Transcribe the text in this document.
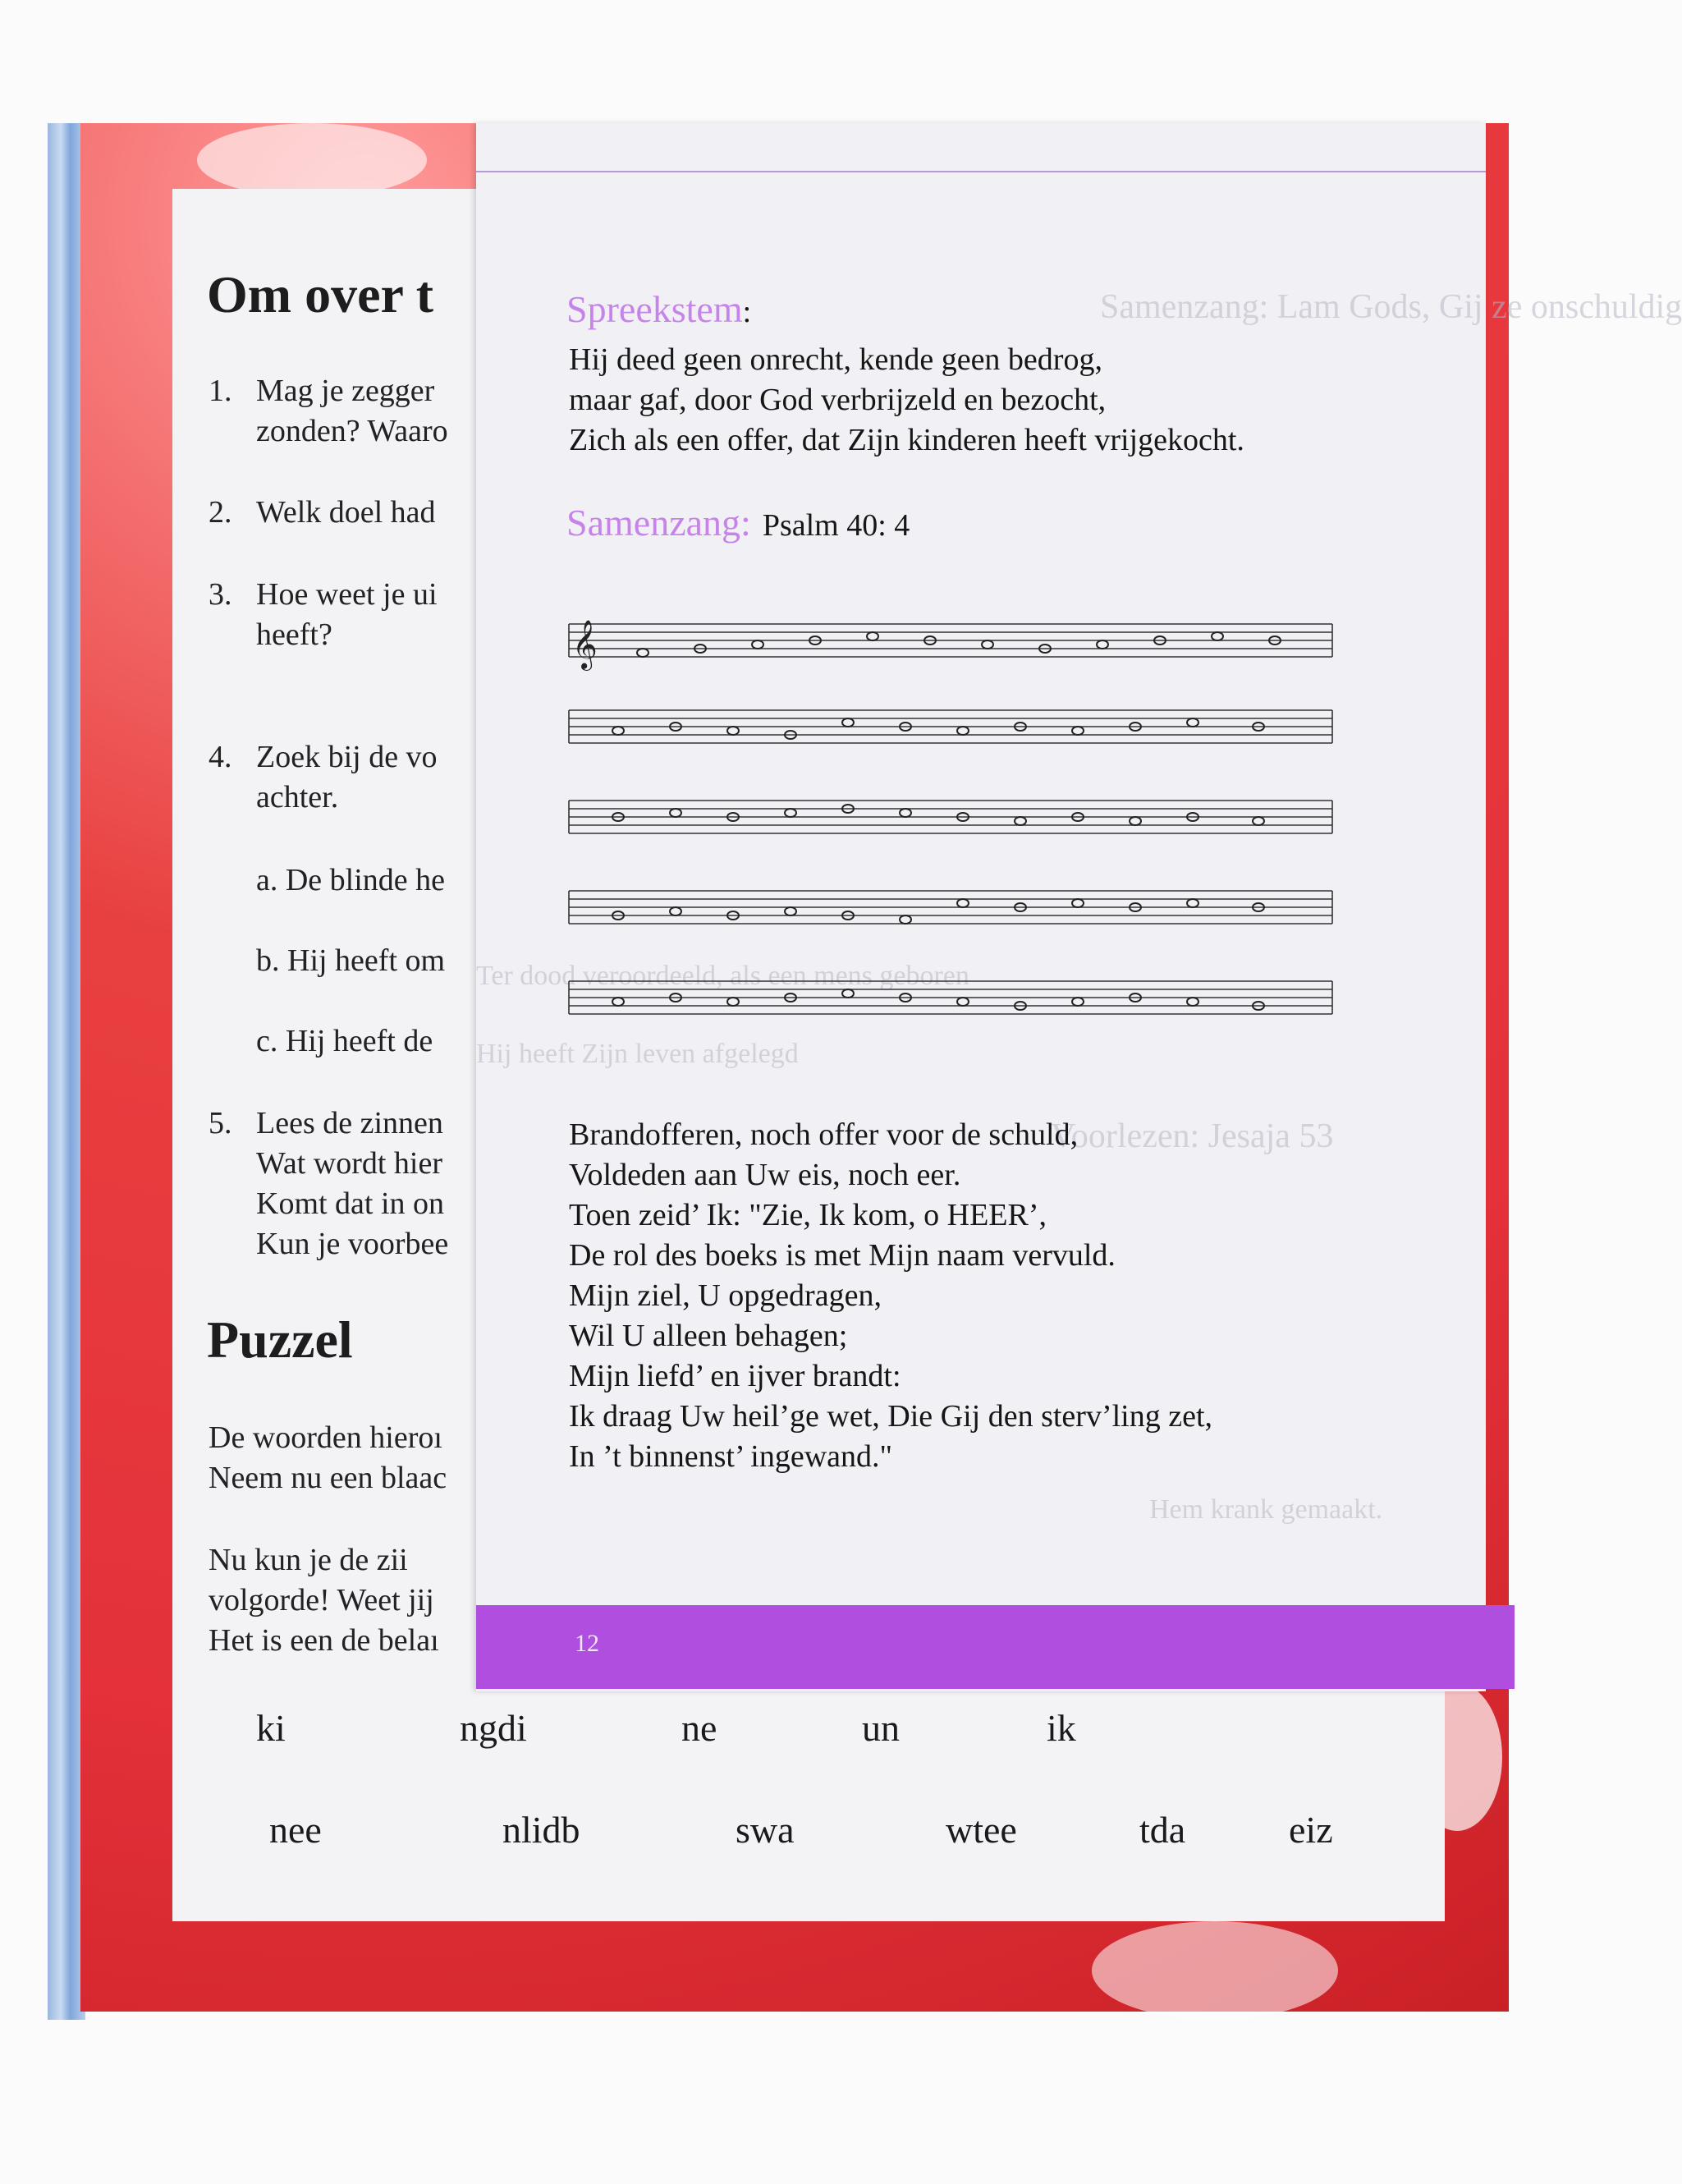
Om over t
1. Mag je zegger
zonden? Waaro
2. Welk doel had
3. Hoe weet je ui
heeft?
4. Zoek bij de vo
achter.
a. De blinde he
b. Hij heeft om
c. Hij heeft de
5. Lees de zinnen
Wat wordt hier
Komt dat in on
Kun je voorbee
Puzzel
De woorden hieroı
Neem nu een blaac
Nu kun je de zii
volgorde! Weet jij
Het is een de belaı
Samenzang: Lam Gods, Gij ze onschuldig
Ter dood veroordeeld, als een mens geboren
Hij heeft Zijn leven afgelegd
Voorlezen: Jesaja 53
Hem krank gemaakt.
Spreekstem:
Hij deed geen onrecht, kende geen bedrog,
maar gaf, door God verbrijzeld en bezocht,
Zich als een offer, dat Zijn kinderen heeft vrijgekocht.
Samenzang: Psalm 40: 4
𝄞
Brandofferen, noch offer voor de schuld,
Voldeden aan Uw eis, noch eer.
Toen zeid’ Ik: "Zie, Ik kom, o HEER’,
De rol des boeks is met Mijn naam vervuld.
Mijn ziel, U opgedragen,
Wil U alleen behagen;
Mijn liefd’ en ijver brandt:
Ik draag Uw heil’ge wet, Die Gij den sterv’ling zet,
In ’t binnenst’ ingewand."
12
ki	ngdi	ne	un	ik
nee	nlidb	swa	wtee	tda	eiz
